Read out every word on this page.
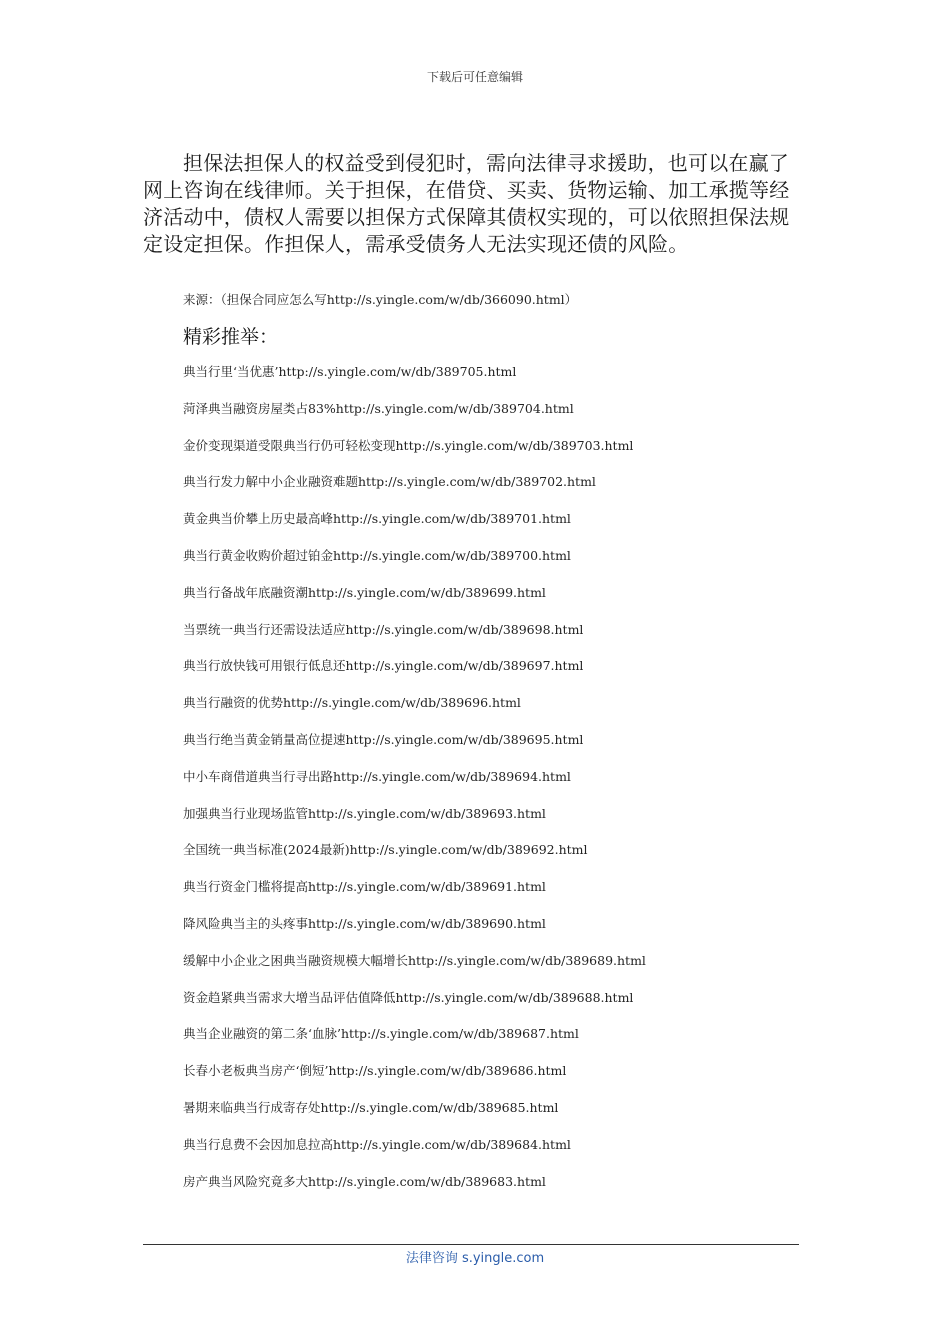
下载后可任意编辑

担保法担保人的权益受到侵犯时，需向法律寻求援助，也可以在赢了网上咨询在线律师。关于担保，在借贷、买卖、货物运输、加工承揽等经济活动中，债权人需要以担保方式保障其债权实现的，可以依照担保法规定设定担保。作担保人，需承受债务人无法实现还债的风险。

来源：（担保合同应怎么写http://s.yingle.com/w/db/366090.html）
精彩推举：
典当行里‘当优惠’http://s.yingle.com/w/db/389705.html
菏泽典当融资房屋类占83%http://s.yingle.com/w/db/389704.html
金价变现渠道受限典当行仍可轻松变现http://s.yingle.com/w/db/389703.html
典当行发力解中小企业融资难题http://s.yingle.com/w/db/389702.html
黄金典当价攀上历史最高峰http://s.yingle.com/w/db/389701.html
典当行黄金收购价超过铂金http://s.yingle.com/w/db/389700.html
典当行备战年底融资潮http://s.yingle.com/w/db/389699.html
当票统一典当行还需设法适应http://s.yingle.com/w/db/389698.html
典当行放快钱可用银行低息还http://s.yingle.com/w/db/389697.html
典当行融资的优势http://s.yingle.com/w/db/389696.html
典当行绝当黄金销量高位提速http://s.yingle.com/w/db/389695.html
中小车商借道典当行寻出路http://s.yingle.com/w/db/389694.html
加强典当行业现场监管http://s.yingle.com/w/db/389693.html
全国统一典当标准(2024最新)http://s.yingle.com/w/db/389692.html
典当行资金门槛将提高http://s.yingle.com/w/db/389691.html
降风险典当主的头疼事http://s.yingle.com/w/db/389690.html
缓解中小企业之困典当融资规模大幅增长http://s.yingle.com/w/db/389689.html
资金趋紧典当需求大增当品评估值降低http://s.yingle.com/w/db/389688.html
典当企业融资的第二条‘血脉’http://s.yingle.com/w/db/389687.html
长春小老板典当房产‘倒短’http://s.yingle.com/w/db/389686.html
暑期来临典当行成寄存处http://s.yingle.com/w/db/389685.html
典当行息费不会因加息拉高http://s.yingle.com/w/db/389684.html
房产典当风险究竟多大http://s.yingle.com/w/db/389683.html
法律咨询 s.yingle.com
